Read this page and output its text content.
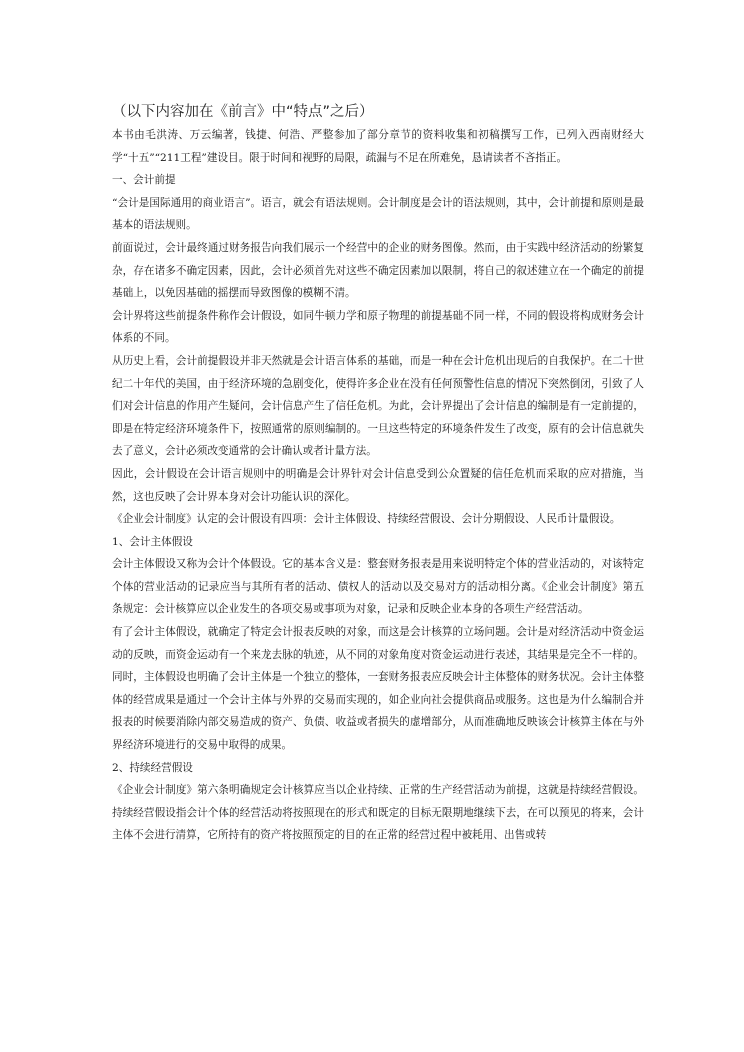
（以下内容加在《前言》中“特点”之后）

本书由毛洪涛、万云编著，钱捷、何浩、严整参加了部分章节的资料收集和初稿撰写工作，已列入西南财经大学“十五”“211工程”建设目。限于时间和视野的局限，疏漏与不足在所难免，恳请读者不吝指正。

一、会计前提

“会计是国际通用的商业语言”。语言，就会有语法规则。会计制度是会计的语法规则，其中，会计前提和原则是最基本的语法规则。

前面说过，会计最终通过财务报告向我们展示一个经营中的企业的财务图像。然而，由于实践中经济活动的纷繁复杂，存在诸多不确定因素，因此，会计必须首先对这些不确定因素加以限制，将自己的叙述建立在一个确定的前提基础上，以免因基础的摇摆而导致图像的模糊不清。

会计界将这些前提条件称作会计假设，如同牛顿力学和原子物理的前提基础不同一样，不同的假设将构成财务会计体系的不同。

从历史上看，会计前提假设并非天然就是会计语言体系的基础，而是一种在会计危机出现后的自我保护。在二十世纪二十年代的美国，由于经济环境的急剧变化，使得许多企业在没有任何预警性信息的情况下突然倒闭，引致了人们对会计信息的作用产生疑问，会计信息产生了信任危机。为此，会计界提出了会计信息的编制是有一定前提的，即是在特定经济环境条件下，按照通常的原则编制的。一旦这些特定的环境条件发生了改变，原有的会计信息就失去了意义，会计必须改变通常的会计确认或者计量方法。

因此，会计假设在会计语言规则中的明确是会计界针对会计信息受到公众置疑的信任危机而采取的应对措施，当然，这也反映了会计界本身对会计功能认识的深化。

《企业会计制度》认定的会计假设有四项：会计主体假设、持续经营假设、会计分期假设、人民币计量假设。

1、会计主体假设

会计主体假设又称为会计个体假设。它的基本含义是：整套财务报表是用来说明特定个体的营业活动的，对该特定个体的营业活动的记录应当与其所有者的活动、债权人的活动以及交易对方的活动相分离。《企业会计制度》第五条规定：会计核算应以企业发生的各项交易或事项为对象，记录和反映企业本身的各项生产经营活动。

有了会计主体假设，就确定了特定会计报表反映的对象，而这是会计核算的立场问题。会计是对经济活动中资金运动的反映，而资金运动有一个来龙去脉的轨迹，从不同的对象角度对资金运动进行表述，其结果是完全不一样的。同时，主体假设也明确了会计主体是一个独立的整体，一套财务报表应反映会计主体整体的财务状况。会计主体整体的经营成果是通过一个会计主体与外界的交易而实现的，如企业向社会提供商品或服务。这也是为什么编制合并报表的时候要消除内部交易造成的资产、负债、收益或者损失的虚增部分，从而准确地反映该会计核算主体在与外界经济环境进行的交易中取得的成果。

2、持续经营假设

《企业会计制度》第六条明确规定会计核算应当以企业持续、正常的生产经营活动为前提，这就是持续经营假设。持续经营假设指会计个体的经营活动将按照现在的形式和既定的目标无限期地继续下去，在可以预见的将来，会计主体不会进行清算，它所持有的资产将按照预定的目的在正常的经营过程中被耗用、出售或转
